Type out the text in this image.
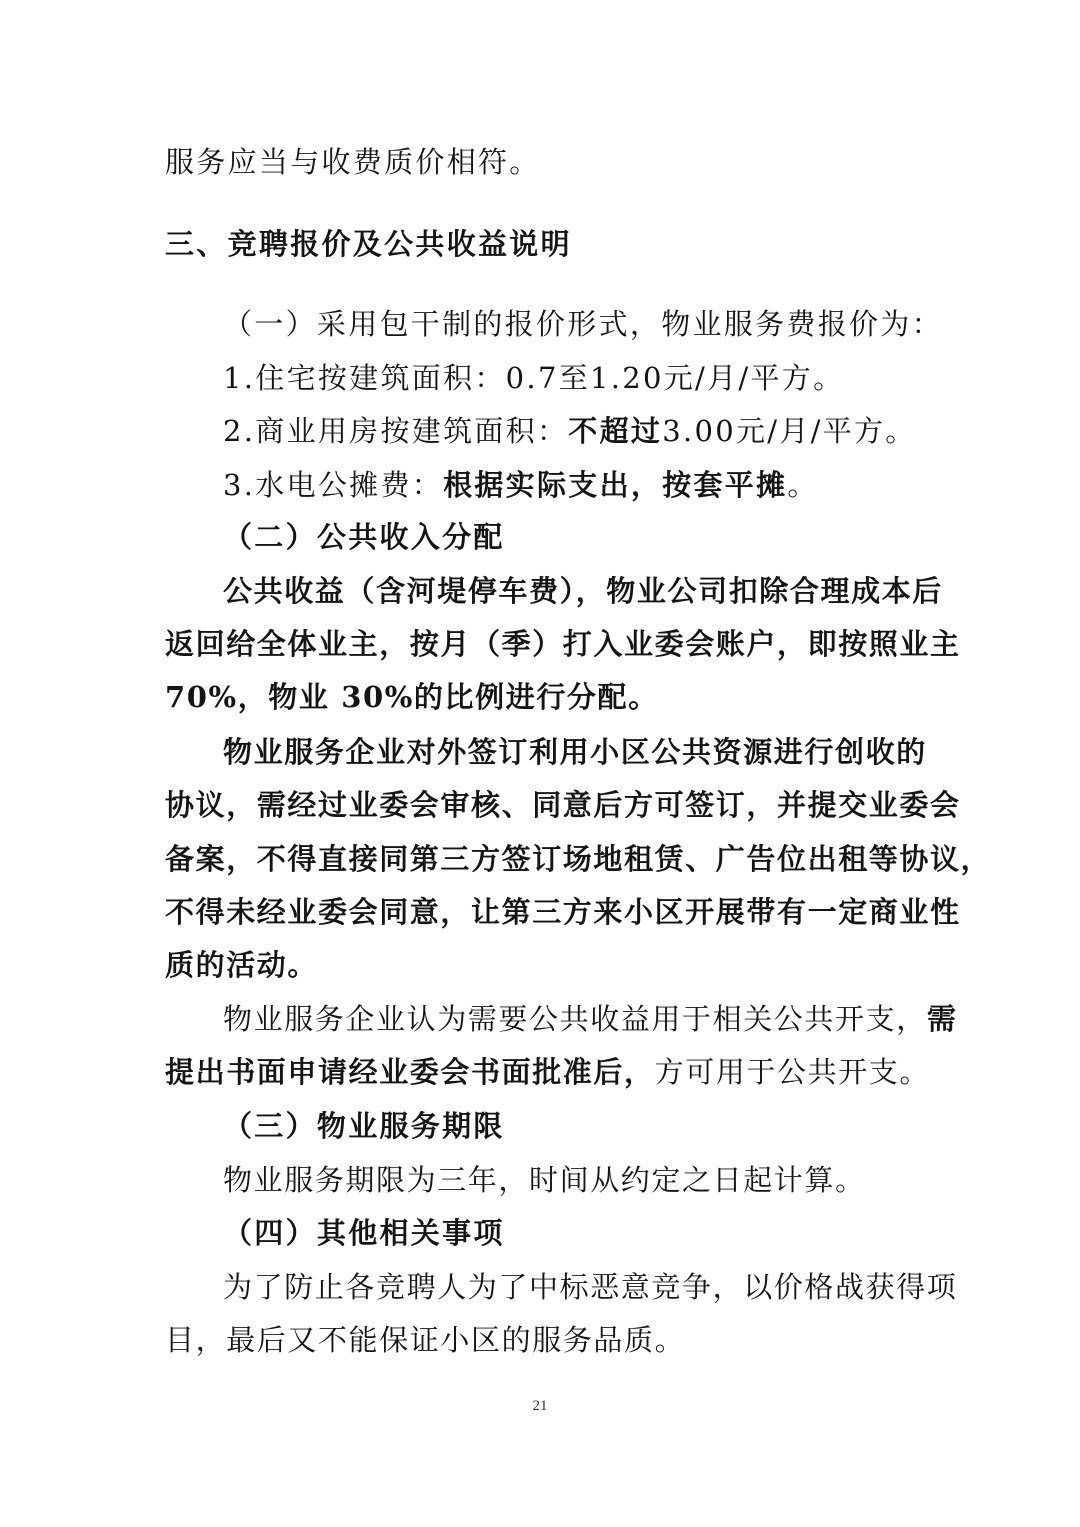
服务应当与收费质价相符。
三、竞聘报价及公共收益说明
（一）采用包干制的报价形式，物业服务费报价为：
1.住宅按建筑面积：0.7至1.20元/月/平方。
2.商业用房按建筑面积：不超过3.00元/月/平方。
3.水电公摊费：根据实际支出，按套平摊。
（二）公共收入分配
公共收益（含河堤停车费），物业公司扣除合理成本后
返回给全体业主，按月（季）打入业委会账户，即按照业主
70%，物业 30%的比例进行分配。
物业服务企业对外签订利用小区公共资源进行创收的
协议，需经过业委会审核、同意后方可签订，并提交业委会
备案，不得直接同第三方签订场地租赁、广告位出租等协议，
不得未经业委会同意，让第三方来小区开展带有一定商业性
质的活动。
物业服务企业认为需要公共收益用于相关公共开支，需
提出书面申请经业委会书面批准后，方可用于公共开支。
（三）物业服务期限
物业服务期限为三年，时间从约定之日起计算。
（四）其他相关事项
为了防止各竞聘人为了中标恶意竞争，以价格战获得项
目，最后又不能保证小区的服务品质。
21
